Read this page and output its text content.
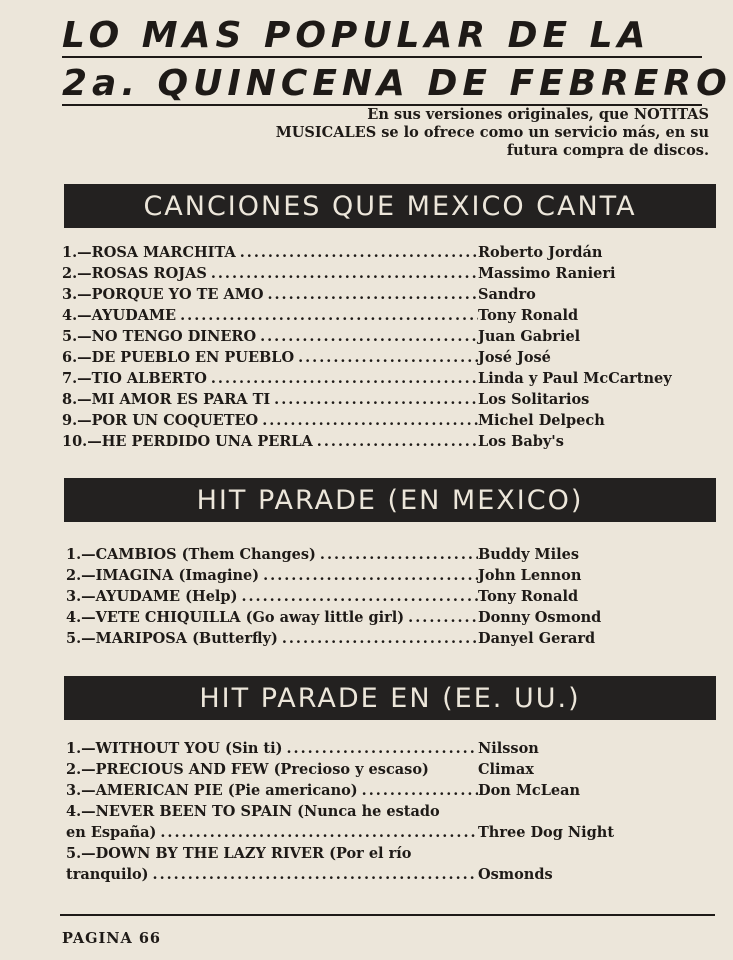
LO MAS POPULAR DE LA
2a. QUINCENA DE FEBRERO
En sus versiones originales, que NOTITAS MUSICALES se lo ofrece como un servicio más, en su futura compra de discos.
CANCIONES QUE MEXICO CANTA
1.—ROSA MARCHITA .....	Roberto Jordán
2.—ROSAS ROJAS .....	Massimo Ranieri
3.—PORQUE YO TE AMO .....	Sandro
4.—AYUDAME .....	Tony Ronald
5.—NO TENGO DINERO .....	Juan Gabriel
6.—DE PUEBLO EN PUEBLO .....	José José
7.—TIO ALBERTO .....	Linda y Paul McCartney
8.—MI AMOR ES PARA TI .....	Los Solitarios
9.—POR UN COQUETEO .....	Michel Delpech
10.—HE PERDIDO UNA PERLA .....	Los Baby's
HIT PARADE (EN MEXICO)
1.—CAMBIOS (Them Changes) .....	Buddy Miles
2.—IMAGINA (Imagine) .....	John Lennon
3.—AYUDAME (Help) .....	Tony Ronald
4.—VETE CHIQUILLA (Go away little girl) .....	Donny Osmond
5.—MARIPOSA (Butterfly) .....	Danyel Gerard
HIT PARADE EN (EE. UU.)
1.—WITHOUT YOU (Sin ti) .....	Nilsson
2.—PRECIOUS AND FEW (Precioso y escaso)	Climax
3.—AMERICAN PIE (Pie americano) .....	Don McLean
4.—NEVER BEEN TO SPAIN (Nunca he estado
en España) .....	Three Dog Night
5.—DOWN BY THE LAZY RIVER (Por el río
tranquilo) .....	Osmonds
PAGINA 66
